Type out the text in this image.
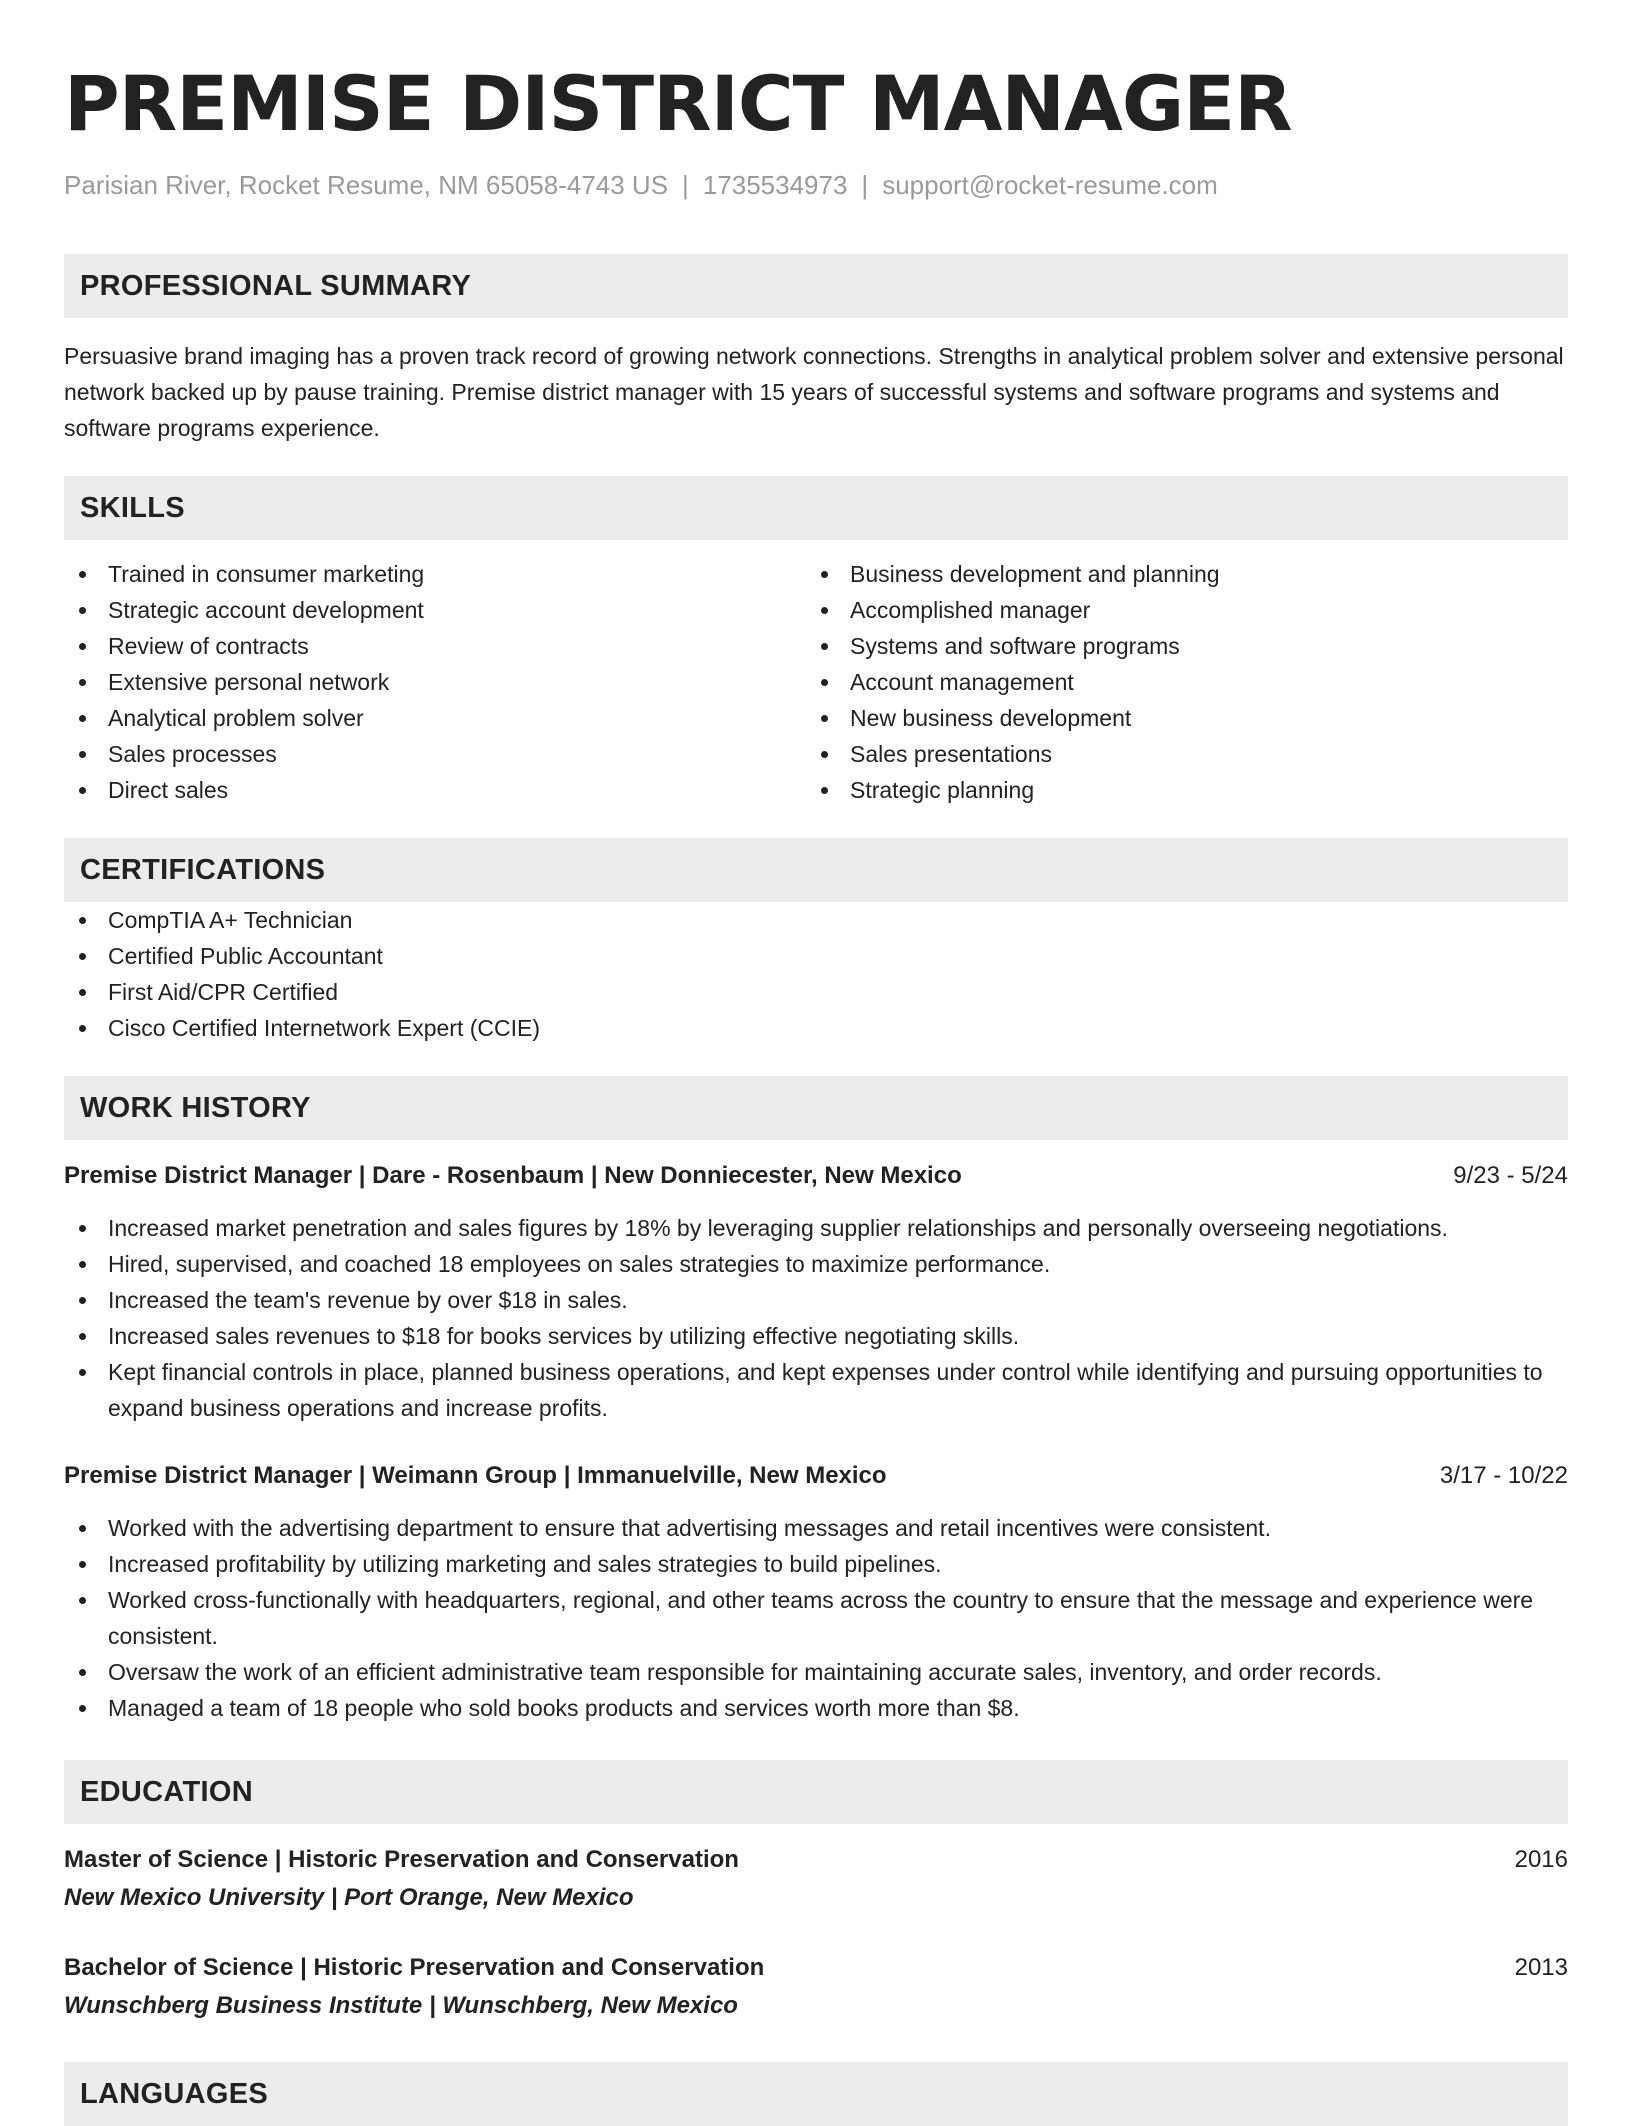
PREMISE DISTRICT MANAGER
Parisian River, Rocket Resume, NM 65058-4743 US | 1735534973 | support@rocket-resume.com
PROFESSIONAL SUMMARY

Persuasive brand imaging has a proven track record of growing network connections. Strengths in analytical problem solver and extensive personal network backed up by pause training. Premise district manager with 15 years of successful systems and software programs and systems and software programs experience.

SKILLS
Trained in consumer marketing
Strategic account development
Review of contracts
Extensive personal network
Analytical problem solver
Sales processes
Direct sales
Business development and planning
Accomplished manager
Systems and software programs
Account management
New business development
Sales presentations
Strategic planning
CERTIFICATIONS
CompTIA A+ Technician
Certified Public Accountant
First Aid/CPR Certified
Cisco Certified Internetwork Expert (CCIE)
WORK HISTORY
Premise District Manager | Dare - Rosenbaum | New Donniecester, New Mexico	9/23 - 5/24
Increased market penetration and sales figures by 18% by leveraging supplier relationships and personally overseeing negotiations.
Hired, supervised, and coached 18 employees on sales strategies to maximize performance.
Increased the team's revenue by over $18 in sales.
Increased sales revenues to $18 for books services by utilizing effective negotiating skills.
Kept financial controls in place, planned business operations, and kept expenses under control while identifying and pursuing opportunities to expand business operations and increase profits.
Premise District Manager | Weimann Group | Immanuelville, New Mexico	3/17 - 10/22
Worked with the advertising department to ensure that advertising messages and retail incentives were consistent.
Increased profitability by utilizing marketing and sales strategies to build pipelines.
Worked cross-functionally with headquarters, regional, and other teams across the country to ensure that the message and experience were consistent.
Oversaw the work of an efficient administrative team responsible for maintaining accurate sales, inventory, and order records.
Managed a team of 18 people who sold books products and services worth more than $8.
EDUCATION
Master of Science | Historic Preservation and Conservation	2016
New Mexico University | Port Orange, New Mexico
Bachelor of Science | Historic Preservation and Conservation	2013
Wunschberg Business Institute | Wunschberg, New Mexico
LANGUAGES
